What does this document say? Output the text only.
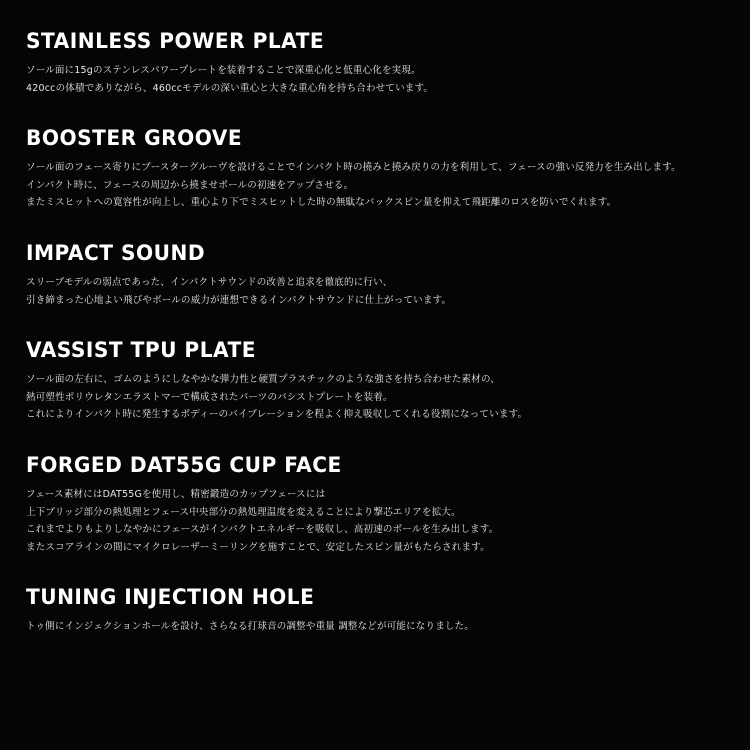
STAINLESS POWER PLATE

ソール面に15gのステンレスパワープレートを装着することで深重心化と低重心化を実現。

420ccの体積でありながら、460ccモデルの深い重心と大きな重心角を持ち合わせています。

BOOSTER GROOVE

ソール面のフェース寄りにブースターグルーヴを設けることでインパクト時の撓みと撓み戻りの力を利用して、フェースの強い反発力を生み出します。

インパクト時に、フェースの周辺から撓ませボールの初速をアップさせる。

またミスヒットへの寛容性が向上し、重心より下でミスヒットした時の無駄なバックスピン量を抑えて飛距離のロスを防いでくれます。

IMPACT SOUND

スリーブモデルの弱点であった、インパクトサウンドの改善と追求を徹底的に行い、

引き締まった心地よい飛びやボールの威力が連想できるインパクトサウンドに仕上がっています。

VASSIST TPU PLATE

ソール面の左右に、ゴムのようにしなやかな弾力性と硬質プラスチックのような強さを持ち合わせた素材の、

熱可塑性ポリウレタンエラストマーで構成されたパーツのバシストプレートを装着。

これによりインパクト時に発生するボディーのバイブレーションを程よく抑え吸収してくれる役割になっています。

FORGED DAT55G CUP FACE

フェース素材にはDAT55Gを使用し、精密鍛造のカップフェースには

上下ブリッジ部分の熱処理とフェース中央部分の熱処理温度を変えることにより撃芯エリアを拡大。

これまでよりもよりしなやかにフェースがインパクトエネルギーを吸収し、高初速のボールを生み出します。

またスコアラインの間にマイクロレーザーミーリングを施すことで、安定したスピン量がもたらされます。

TUNING INJECTION HOLE

トゥ側にインジェクションホールを設け、さらなる打球音の調整や重量 調整などが可能になりました。
